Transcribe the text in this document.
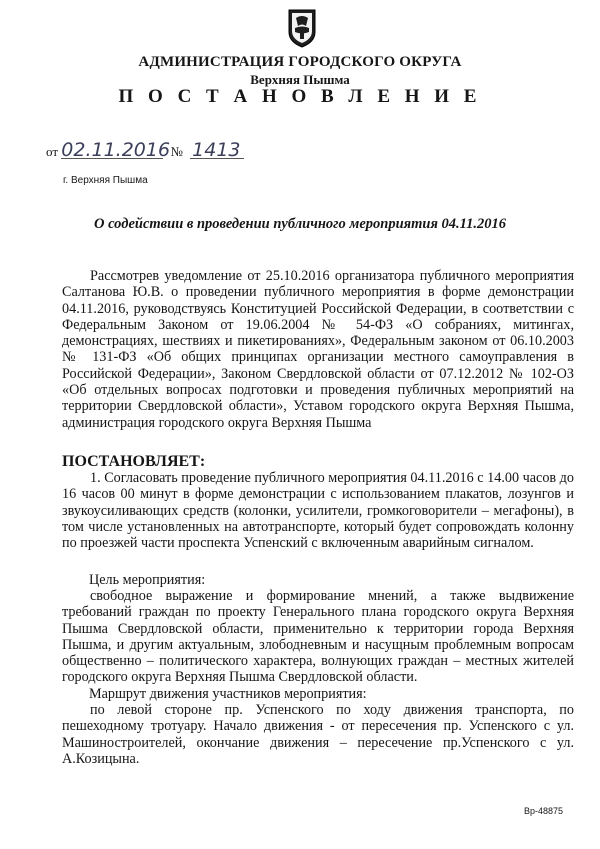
АДМИНИСТРАЦИЯ ГОРОДСКОГО ОКРУГА
Верхняя Пышма
П О С Т А Н О В Л Е Н И Е
от 02.11.2016 № 1413
г. Верхняя Пышма
О содействии в проведении публичного мероприятия 04.11.2016
Рассмотрев уведомление от 25.10.2016 организатора публичного мероприятия Салтанова Ю.В. о проведении публичного мероприятия в форме демонстрации 04.11.2016, руководствуясь Конституцией Российской Федерации, в соответствии с Федеральным Законом от 19.06.2004 № 54-ФЗ «О собраниях, митингах, демонстрациях, шествиях и пикетированиях», Федеральным законом от 06.10.2003 № 131-ФЗ «Об общих принципах организации местного самоуправления в Российской Федерации», Законом Свердловской области от 07.12.2012 № 102-ОЗ «Об отдельных вопросах подготовки и проведения публичных мероприятий на территории Свердловской области», Уставом городского округа Верхняя Пышма, администрация городского округа Верхняя Пышма
ПОСТАНОВЛЯЕТ:
1. Согласовать проведение публичного мероприятия 04.11.2016 с 14.00 часов до 16 часов 00 минут в форме демонстрации с использованием плакатов, лозунгов и звукоусиливающих средств (колонки, усилители, громкоговорители – мегафоны), в том числе установленных на автотранспорте, который будет сопровождать колонну по проезжей части проспекта Успенский с включенным аварийным сигналом.
Цель мероприятия:
свободное выражение и формирование мнений, а также выдвижение требований граждан по проекту Генерального плана городского округа Верхняя Пышма Свердловской области, применительно к территории города Верхняя Пышма, и другим актуальным, злободневным и насущным проблемным вопросам общественно – политического характера, волнующих граждан – местных жителей городского округа Верхняя Пышма Свердловской области.
Маршрут движения участников мероприятия:
по левой стороне пр. Успенского по ходу движения транспорта, по пешеходному тротуару. Начало движения - от пересечения пр. Успенского с ул. Машиностроителей, окончание движения – пересечение пр.Успенского с ул. А.Козицына.
Вр-48875
